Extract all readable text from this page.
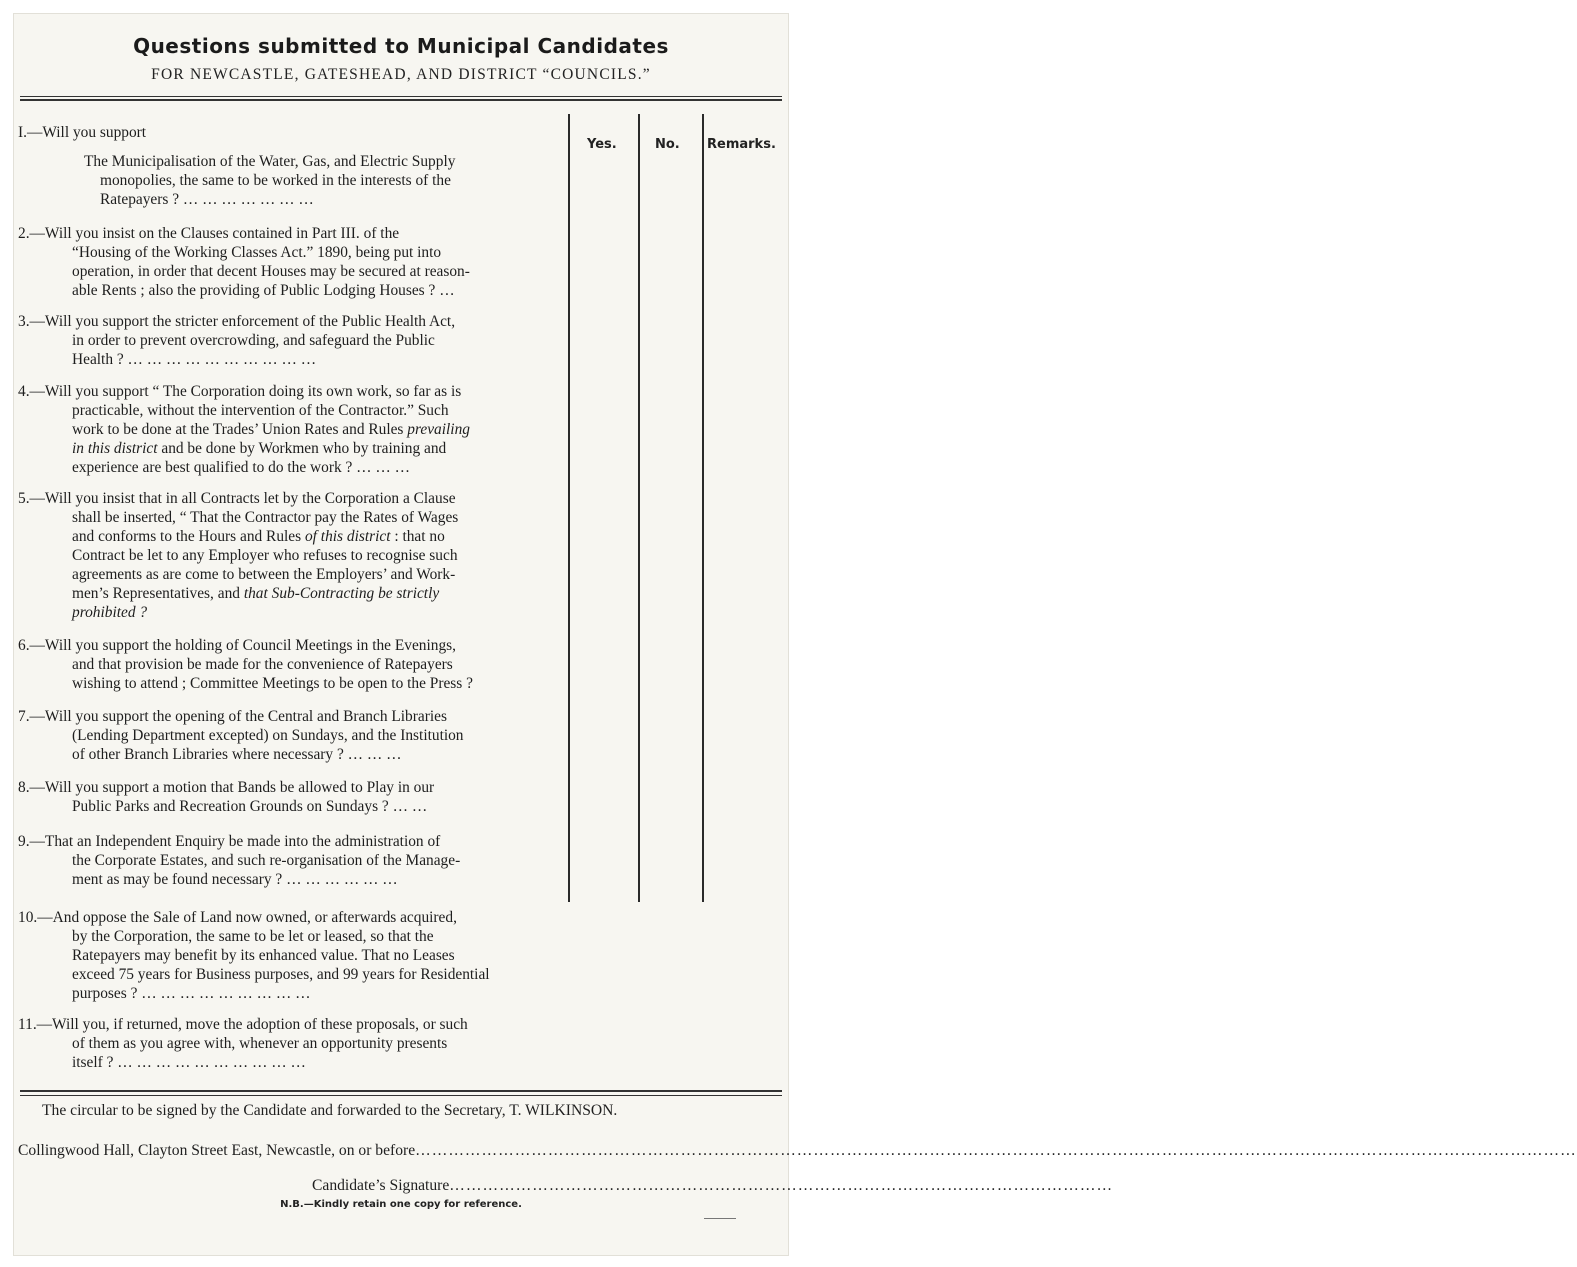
Questions submitted to Municipal Candidates
FOR NEWCASTLE, GATESHEAD, AND DISTRICT “COUNCILS.”
Yes.	No. Remarks.
I.—Will you support
The Municipalisation of the Water, Gas, and Electric Supply
monopolies, the same to be worked in the interests of the
Ratepayers ? … … … … … … …
2.—Will you insist on the Clauses contained in Part III. of the
“Housing of the Working Classes Act.” 1890, being put into
operation, in order that decent Houses may be secured at reason-
able Rents ; also the providing of Public Lodging Houses ? …
3.—Will you support the stricter enforcement of the Public Health Act,
in order to prevent overcrowding, and safeguard the Public
Health ? … … … … … … … … … …
4.—Will you support “ The Corporation doing its own work, so far as is
practicable, without the intervention of the Contractor.” Such
work to be done at the Trades’ Union Rates and Rules prevailing
in this district and be done by Workmen who by training and
experience are best qualified to do the work ? … … …
5.—Will you insist that in all Contracts let by the Corporation a Clause
shall be inserted, “ That the Contractor pay the Rates of Wages
and conforms to the Hours and Rules of this district : that no
Contract be let to any Employer who refuses to recognise such
agreements as are come to between the Employers’ and Work-
men’s Representatives, and that Sub-Contracting be strictly
prohibited ?
6.—Will you support the holding of Council Meetings in the Evenings,
and that provision be made for the convenience of Ratepayers
wishing to attend ; Committee Meetings to be open to the Press ?
7.—Will you support the opening of the Central and Branch Libraries
(Lending Department excepted) on Sundays, and the Institution
of other Branch Libraries where necessary ? … … …
8.—Will you support a motion that Bands be allowed to Play in our
Public Parks and Recreation Grounds on Sundays ? … …
9.—That an Independent Enquiry be made into the administration of
the Corporate Estates, and such re-organisation of the Manage-
ment as may be found necessary ? … … … … … …
10.—And oppose the Sale of Land now owned, or afterwards acquired,
by the Corporation, the same to be let or leased, so that the
Ratepayers may benefit by its enhanced value. That no Leases
exceed 75 years for Business purposes, and 99 years for Residential
purposes ? … … … … … … … … …
11.—Will you, if returned, move the adoption of these proposals, or such
of them as you agree with, whenever an opportunity presents
itself ? … … … … … … … … … …
The circular to be signed by the Candidate and forwarded to the Secretary, T. WILKINSON.
Collingwood Hall, Clayton Street East, Newcastle, on or before…………………………………………………………………………………………………………………………………………………………………………………………
Candidate’s Signature…………………………………………………………………………………………………………
N.B.—Kindly retain one copy for reference.
